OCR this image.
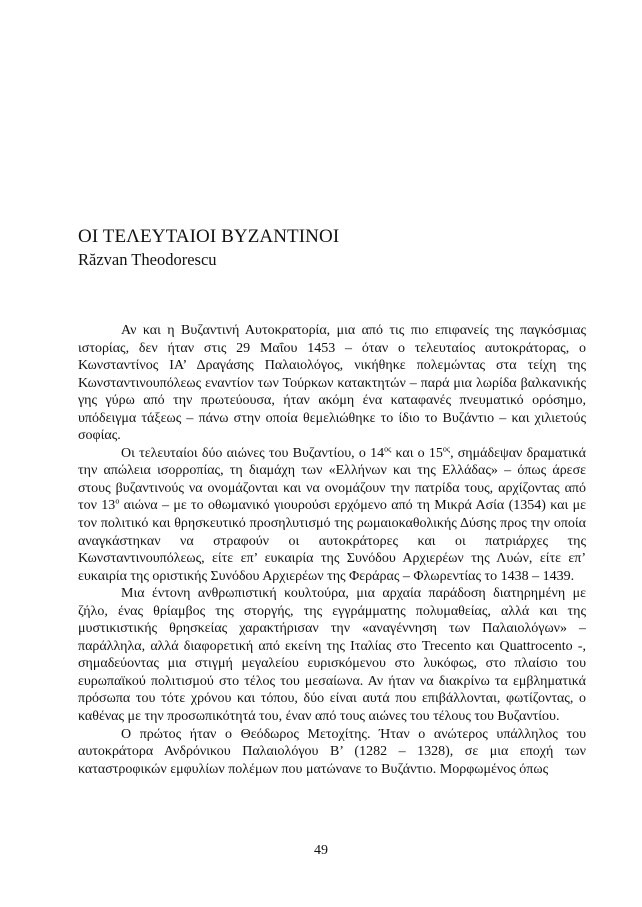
ΟΙ ΤΕΛΕΥΤΑΙΟΙ ΒΥΖΑΝΤΙΝΟΙ

Răzvan Theodorescu

Αν και η Βυζαντινή Αυτοκρατορία, μια από τις πιο επιφανείς της παγκόσμιας ιστορίας, δεν ήταν στις 29 Μαΐου 1453 – όταν ο τελευταίος αυτοκράτορας, ο Κωνσταντίνος ΙΑ’ Δραγάσης Παλαιολόγος, νικήθηκε πολεμώντας στα τείχη της Κωνσταντινουπόλεως εναντίον των Τούρκων κατακτητών – παρά μια λωρίδα βαλκανικής γης γύρω από την πρωτεύουσα, ήταν ακόμη ένα καταφανές πνευματικό ορόσημο, υπόδειγμα τάξεως – πάνω στην οποία θεμελιώθηκε το ίδιο το Βυζάντιο – και χιλιετούς σοφίας.

Οι τελευταίοι δύο αιώνες του Βυζαντίου, ο $14^{o\varsigma}$ και ο $15^{o\varsigma}$, σημάδεψαν δραματικά την απώλεια ισορροπίας, τη διαμάχη των «Ελλήνων και της Ελλάδας» – όπως άρεσε στους βυζαντινούς να ονομάζονται και να ονομάζουν την πατρίδα τους, αρχίζοντας από τον $13^o$ αιώνα – με το οθωμανικό γιουρούσι ερχόμενο από τη Μικρά Ασία (1354) και με τον πολιτικό και θρησκευτικό προσηλυτισμό της ρωμαιοκαθολικής Δύσης προς την οποία αναγκάστηκαν να στραφούν οι αυτοκράτορες και οι πατριάρχες της Κωνσταντινουπόλεως, είτε επ’ ευκαιρία της Συνόδου Αρχιερέων της Λυών, είτε επ’ ευκαιρία της οριστικής Συνόδου Αρχιερέων της Φεράρας – Φλωρεντίας το 1438 – 1439.

Μια έντονη ανθρωπιστική κουλτούρα, μια αρχαία παράδοση διατηρημένη με ζήλο, ένας θρίαμβος της στοργής, της εγγράμματης πολυμαθείας, αλλά και της μυστικιστικής θρησκείας χαρακτήρισαν την «αναγέννηση των Παλαιολόγων» – παράλληλα, αλλά διαφορετική από εκείνη της Ιταλίας στο Trecento και Quattrocento -, σημαδεύοντας μια στιγμή μεγαλείου ευρισκόμενου στο λυκόφως, στο πλαίσιο του ευρωπαϊκού πολιτισμού στο τέλος του μεσαίωνα. Αν ήταν να διακρίνω τα εμβληματικά πρόσωπα του τότε χρόνου και τόπου, δύο είναι αυτά που επιβάλλονται, φωτίζοντας, ο καθένας με την προσωπικότητά του, έναν από τους αιώνες του τέλους του Βυζαντίου.

Ο πρώτος ήταν ο Θεόδωρος Μετοχίτης. Ήταν ο ανώτερος υπάλληλος του αυτοκράτορα Ανδρόνικου Παλαιολόγου Β’ (1282 – 1328), σε μια εποχή των καταστροφικών εμφυλίων πολέμων που ματώνανε το Βυζάντιο. Μορφωμένος όπως

49
